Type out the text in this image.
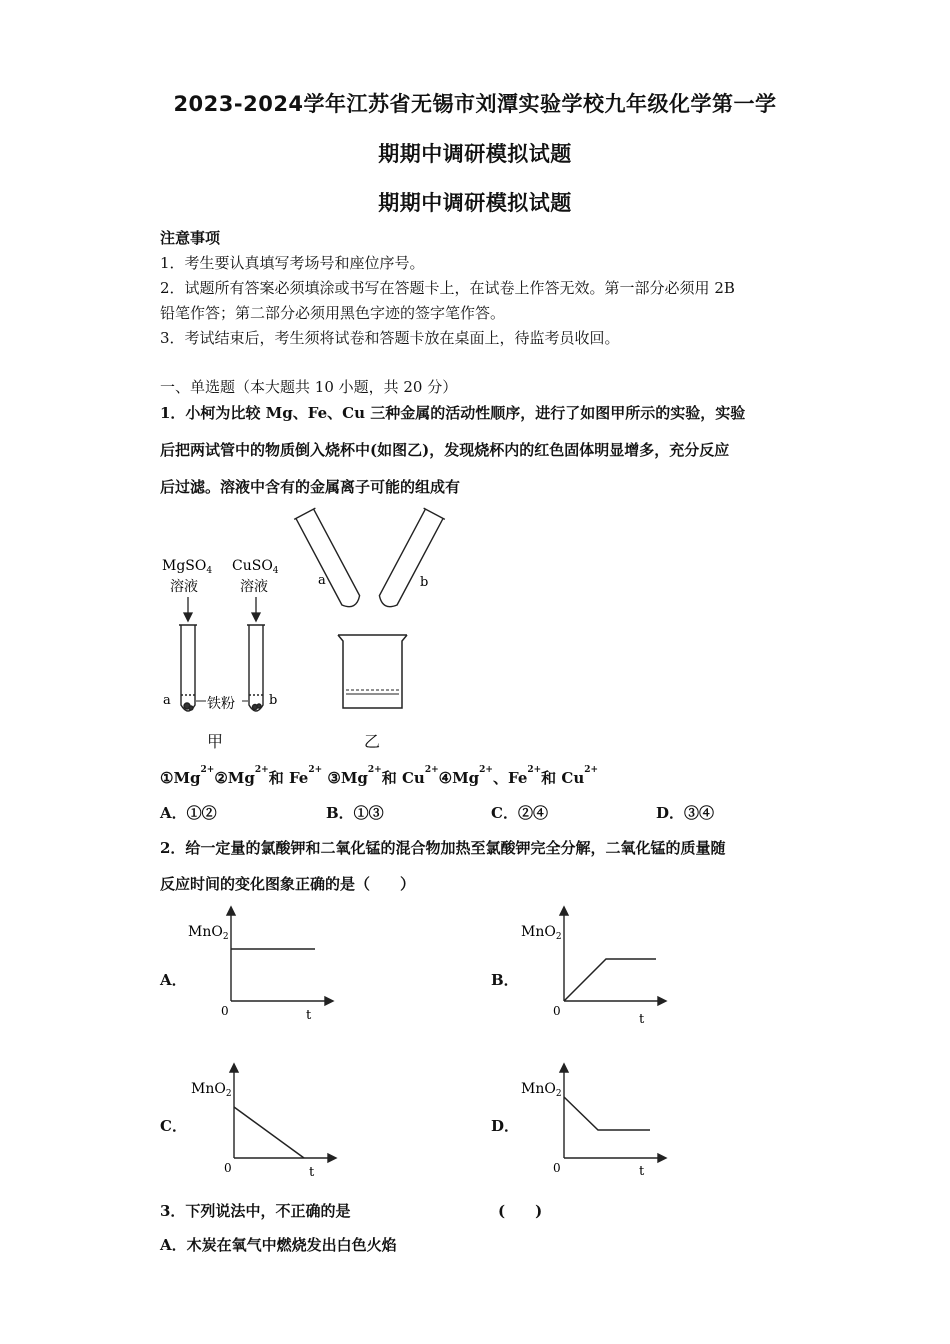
2023-2024学年江苏省无锡市刘潭实验学校九年级化学第一学
期期中调研模拟试题
期期中调研模拟试题
注意事项
1．考生要认真填写考场号和座位序号。
2．试题所有答案必须填涂或书写在答题卡上，在试卷上作答无效。第一部分必须用 2B
铅笔作答；第二部分必须用黑色字迹的签字笔作答。
3．考试结束后，考生须将试卷和答题卡放在桌面上，待监考员收回。
一、单选题（本大题共 10 小题，共 20 分）
1．小柯为比较 Mg、Fe、Cu 三种金属的活动性顺序，进行了如图甲所示的实验，实验
后把两试管中的物质倒入烧杯中(如图乙)，发现烧杯内的红色固体明显增多，充分反应
后过滤。溶液中含有的金属离子可能的组成有
MgSO$_4$
溶液
CuSO$_4$
溶液
a	b
铁粉
a	b
甲	乙
$①Mg^{2+}②Mg^{2+}$和 $Fe^{2+}$ $③Mg^{2+}$和 $Cu^{2+}④Mg^{2+}$、$Fe^{2+}$和 $Cu^{2+}$
A．①②	B．①③	C．②④	D．③④
2．给一定量的氯酸钾和二氧化锰的混合物加热至氯酸钾完全分解，二氧化锰的质量随
反应时间的变化图象正确的是（　　）
A．
MnO$_2$
0	t
B．
MnO$_2$
0
t
C．
MnO$_2$
0	t
D．
MnO$_2$
0	t
3．下列说法中，不正确的是	(　　)
A．木炭在氧气中燃烧发出白色火焰
